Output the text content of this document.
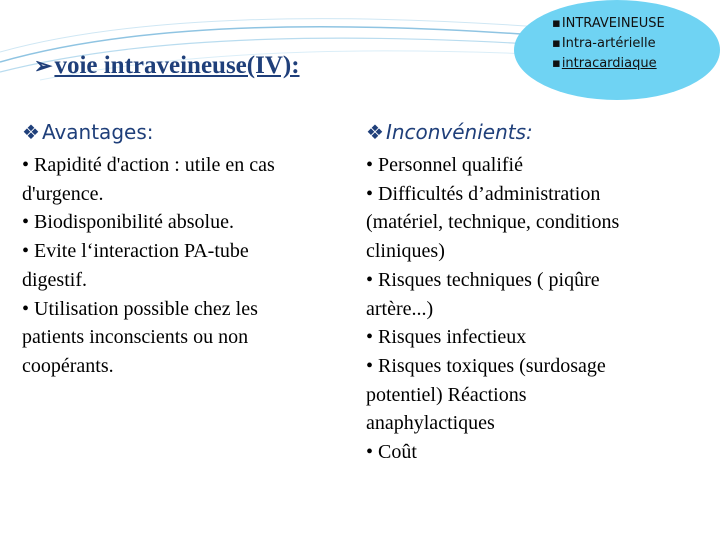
➢voie intraveineuse(IV):
▪ INTRAVEINEUSE
▪ Intra-artérielle
▪ intracardiaque
❖ Avantages:
• Rapidité d'action : utile en cas
d'urgence.
• Biodisponibilité absolue.
• Evite l‘interaction PA-tube
digestif.
• Utilisation possible chez les
patients inconscients ou non
coopérants.
❖ Inconvénients:
• Personnel qualifié
• Difficultés d’administration
(matériel, technique, conditions
cliniques)
• Risques techniques ( piqûre
artère...)
• Risques infectieux
• Risques toxiques (surdosage
potentiel) Réactions
anaphylactiques
• Coût
